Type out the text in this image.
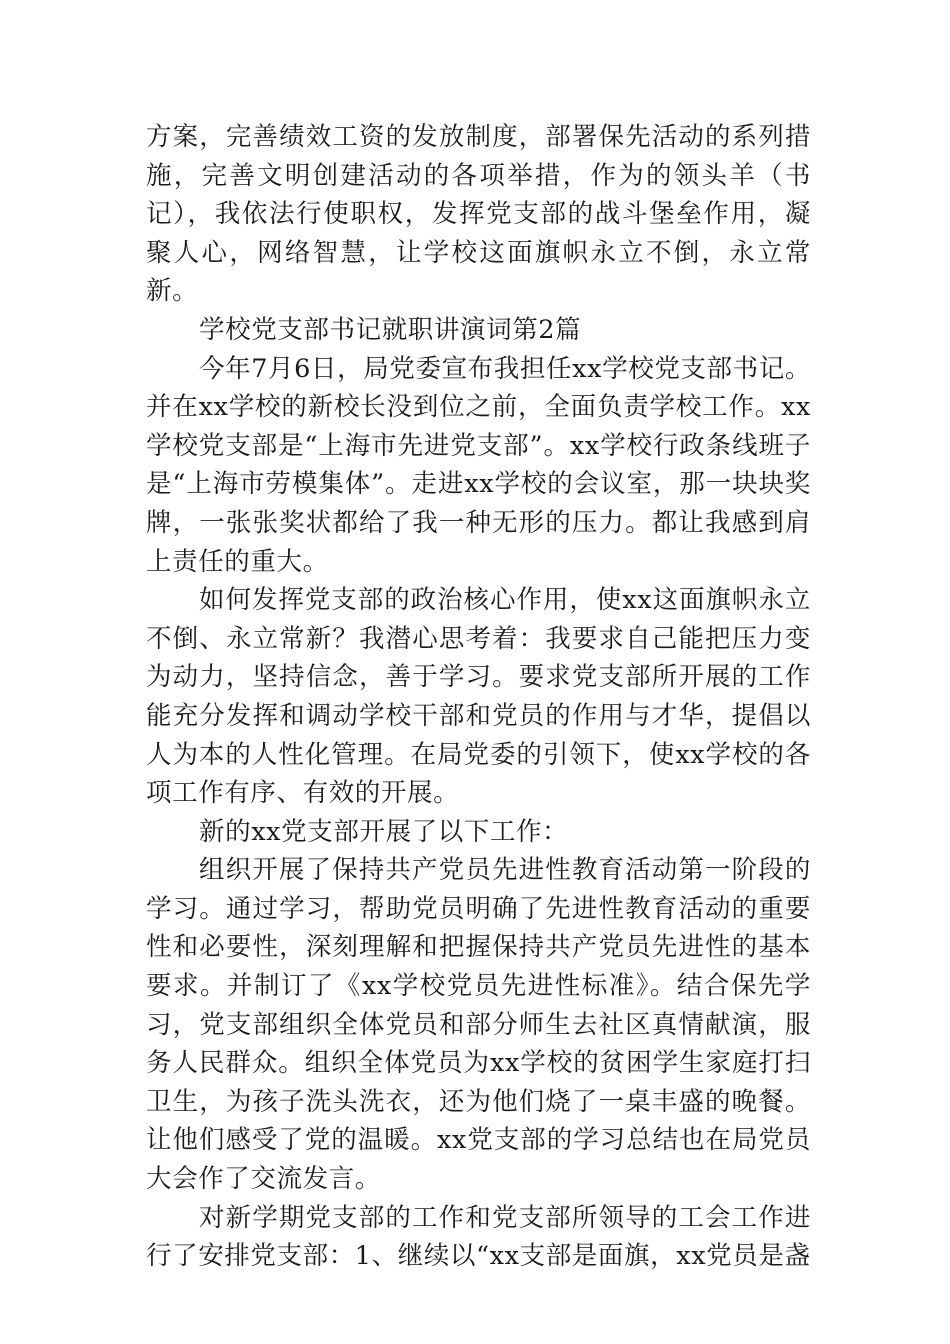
方案，完善绩效工资的发放制度，部署保先活动的系列措施，完善文明创建活动的各项举措，作为的领头羊（书记），我依法行使职权，发挥党支部的战斗堡垒作用，凝聚人心，网络智慧，让学校这面旗帜永立不倒，永立常新。

学校党支部书记就职讲演词第2篇

今年7月6日，局党委宣布我担任xx学校党支部书记。并在xx学校的新校长没到位之前，全面负责学校工作。xx学校党支部是“上海市先进党支部”。xx学校行政条线班子是“上海市劳模集体”。走进xx学校的会议室，那一块块奖牌，一张张奖状都给了我一种无形的压力。都让我感到肩上责任的重大。

如何发挥党支部的政治核心作用，使xx这面旗帜永立不倒、永立常新？我潜心思考着：我要求自己能把压力变为动力，坚持信念，善于学习。要求党支部所开展的工作能充分发挥和调动学校干部和党员的作用与才华，提倡以人为本的人性化管理。在局党委的引领下，使xx学校的各项工作有序、有效的开展。

新的xx党支部开展了以下工作：

组织开展了保持共产党员先进性教育活动第一阶段的学习。通过学习，帮助党员明确了先进性教育活动的重要性和必要性，深刻理解和把握保持共产党员先进性的基本要求。并制订了《xx学校党员先进性标准》。结合保先学习，党支部组织全体党员和部分师生去社区真情献演，服务人民群众。组织全体党员为xx学校的贫困学生家庭打扫卫生，为孩子洗头洗衣，还为他们烧了一桌丰盛的晚餐。让他们感受了党的温暖。xx党支部的学习总结也在局党员大会作了交流发言。

对新学期党支部的工作和党支部所领导的工会工作进行了安排党支部：1、继续以“xx支部是面旗，xx党员是盏
